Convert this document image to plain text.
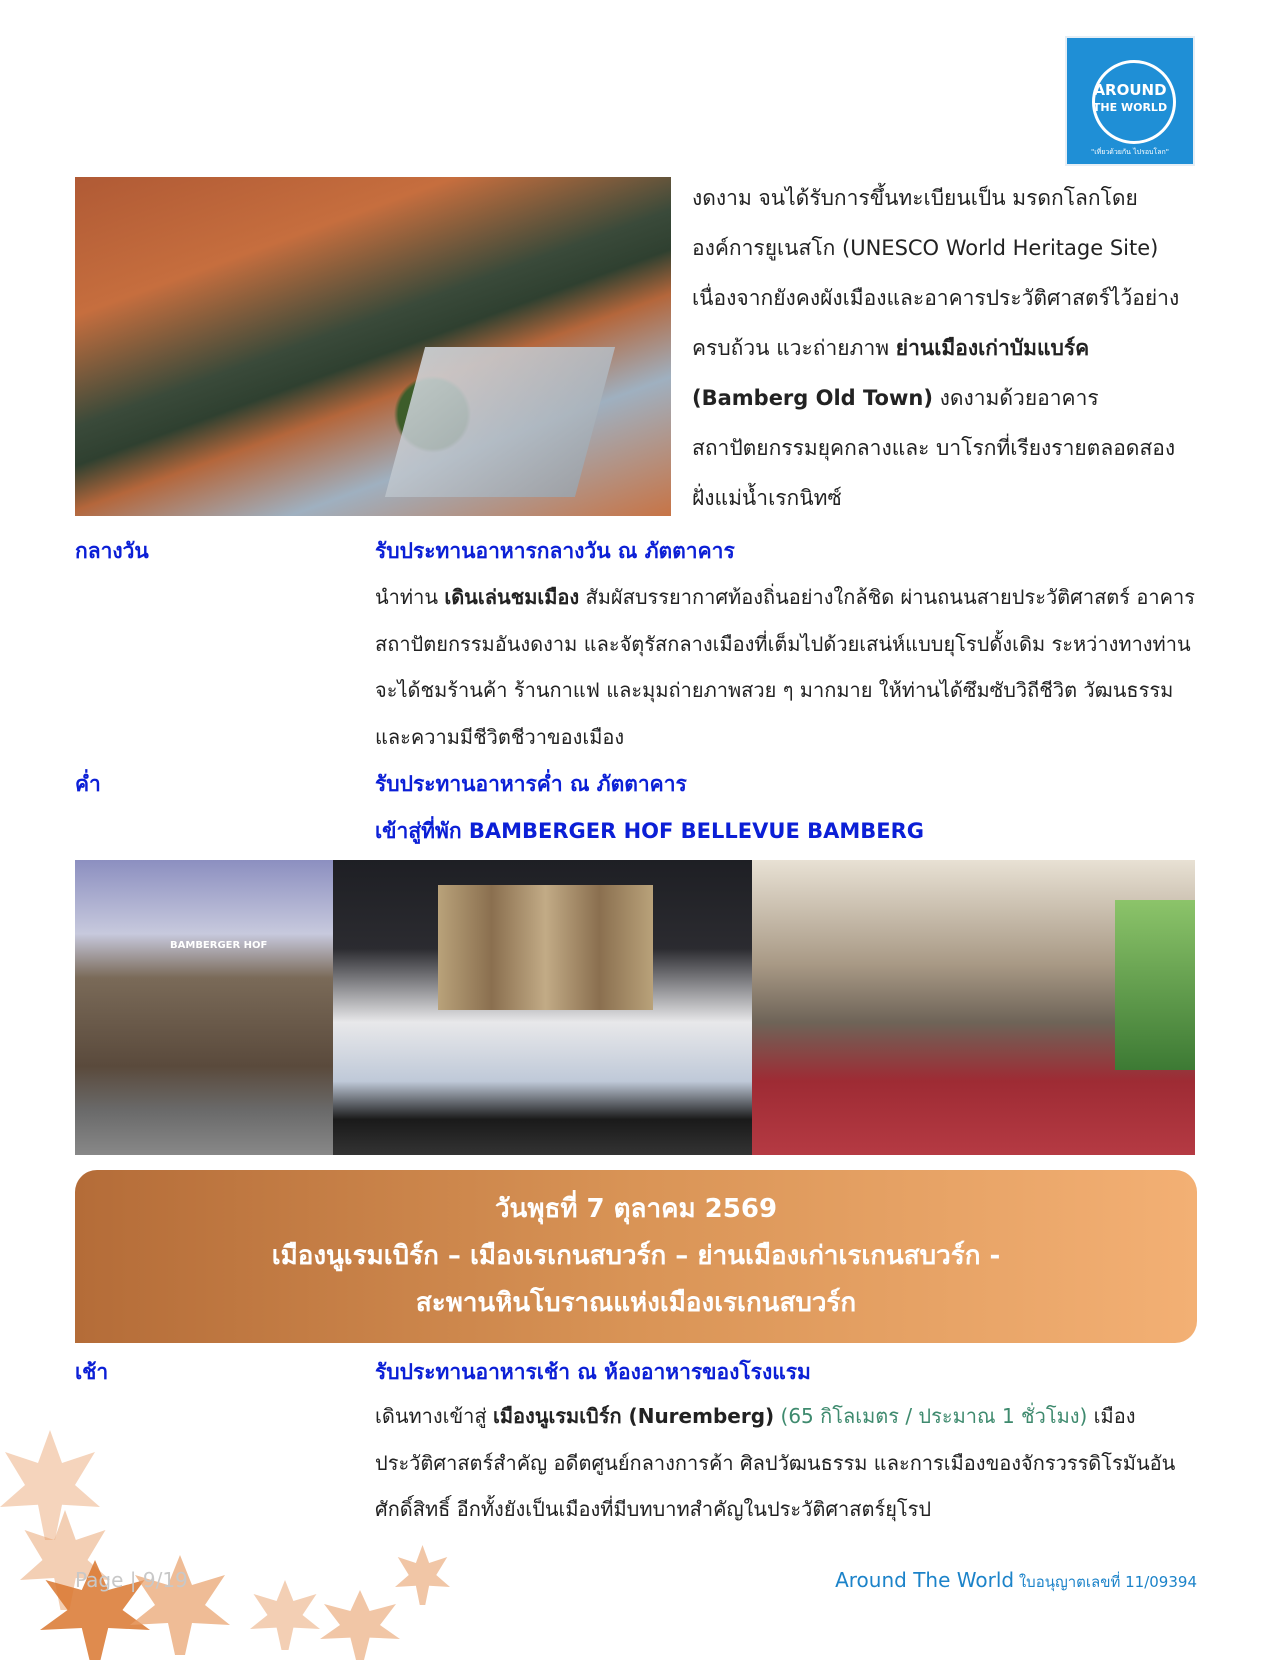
AROUND
THE WORLD
"เที่ยวด้วยกัน ไปรอบโลก"
งดงาม จนได้รับการขึ้นทะเบียนเป็น มรดกโลกโดย
องค์การยูเนสโก (UNESCO World Heritage Site)
เนื่องจากยังคงผังเมืองและอาคารประวัติศาสตร์ไว้อย่าง
ครบถ้วน แวะถ่ายภาพ ย่านเมืองเก่าบัมแบร์ค
(Bamberg Old Town) งดงามด้วยอาคาร
สถาปัตยกรรมยุคกลางและ บาโรกที่เรียงรายตลอดสอง
ฝั่งแม่น้ำเรกนิทซ์
กลางวัน	รับประทานอาหารกลางวัน ณ ภัตตาคาร
นำท่าน เดินเล่นชมเมือง สัมผัสบรรยากาศท้องถิ่นอย่างใกล้ชิด ผ่านถนนสายประวัติศาสตร์ อาคารสถาปัตยกรรมอันงดงาม และจัตุรัสกลางเมืองที่เต็มไปด้วยเสน่ห์แบบยุโรปดั้งเดิม ระหว่างทางท่านจะได้ชมร้านค้า ร้านกาแฟ และมุมถ่ายภาพสวย ๆ มากมาย ให้ท่านได้ซึมซับวิถีชีวิต วัฒนธรรม และความมีชีวิตชีวาของเมือง
ค่ำ	รับประทานอาหารค่ำ ณ ภัตตาคาร
เข้าสู่ที่พัก BAMBERGER HOF BELLEVUE BAMBERG
BAMBERGER HOF
วันพุธที่ 7 ตุลาคม 2569
เมืองนูเรมเบิร์ก – เมืองเรเกนสบวร์ก – ย่านเมืองเก่าเรเกนสบวร์ก -
สะพานหินโบราณแห่งเมืองเรเกนสบวร์ก
เช้า	รับประทานอาหารเช้า ณ ห้องอาหารของโรงแรม
เดินทางเข้าสู่ เมืองนูเรมเบิร์ก (Nuremberg) (65 กิโลเมตร / ประมาณ 1 ชั่วโมง) เมืองประวัติศาสตร์สำคัญ อดีตศูนย์กลางการค้า ศิลปวัฒนธรรม และการเมืองของจักรวรรดิโรมันอันศักดิ์สิทธิ์ อีกทั้งยังเป็นเมืองที่มีบทบาทสำคัญในประวัติศาสตร์ยุโรป
Page | 9/19	Around The World ใบอนุญาตเลขที่ 11/09394
